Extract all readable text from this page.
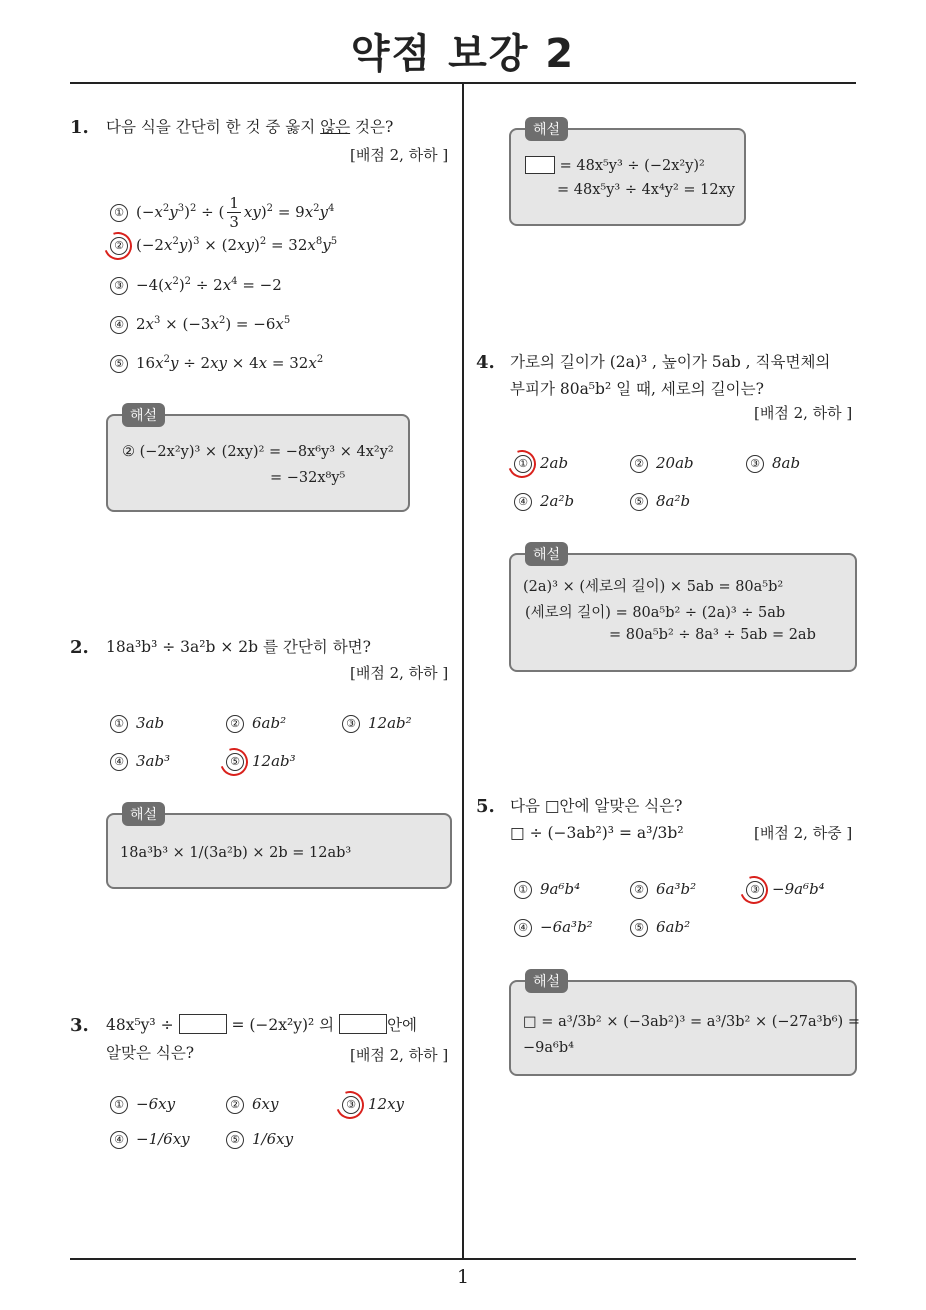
약점 보강 2
1
1. 다음 식을 간단히 한 것 중 옳지 않은 것은?
[배점 2, 하하 ]
① $(-x^2y^3)^2$ ÷ ( $\frac{1}{3} xy)^2 = 9x^2y^4$
② $(-2x^2y)^3 \times (2xy)^2 = 32x^8y^5$
③ $-4(x^2)^2 \div 2x^4 = -2$
④ $2x^3 \times (-3x^2) = -6x^5$
⑤ $16x^2y \div 2xy \times 4x = 32x^2$
해설
② (−2x²y)³ × (2xy)² = −8x⁶y³ × 4x²y²
= −32x⁸y⁵
2. 18a³b³ ÷ 3a²b × 2b 를 간단히 하면?
[배점 2, 하하 ]
① 3ab	② 6ab²	③ 12ab²
④ 3ab³	⑤ 12ab³
해설
18a³b³ × 1/(3a²b) × 2b = 12ab³
3. 48x⁵y³ ÷	= (−2x²y)² 의	안에
알맞은 식은?	[배점 2, 하하 ]
① −6xy	② 6xy	③ 12xy
④ −1/6xy	⑤ 1/6xy
해설
= 48x⁵y³ ÷ (−2x²y)²
= 48x⁵y³ ÷ 4x⁴y² = 12xy
4. 가로의 길이가 (2a)³ , 높이가 5ab , 직육면체의
부피가 80a⁵b² 일 때, 세로의 길이는?
[배점 2, 하하 ]
① 2ab	② 20ab	③ 8ab
④ 2a²b	⑤ 8a²b
해설
(2a)³ × (세로의 길이) × 5ab = 80a⁵b²
(세로의 길이) = 80a⁵b² ÷ (2a)³ ÷ 5ab
= 80a⁵b² ÷ 8a³ ÷ 5ab = 2ab
5. 다음 □안에 알맞은 식은?
□ ÷ (−3ab²)³ = a³/3b²	[배점 2, 하중 ]
① 9a⁶b⁴	② 6a³b²	③ −9a⁶b⁴
④ −6a³b²	⑤ 6ab²
해설
□ = a³/3b² × (−3ab²)³ = a³/3b² × (−27a³b⁶) =
−9a⁶b⁴
